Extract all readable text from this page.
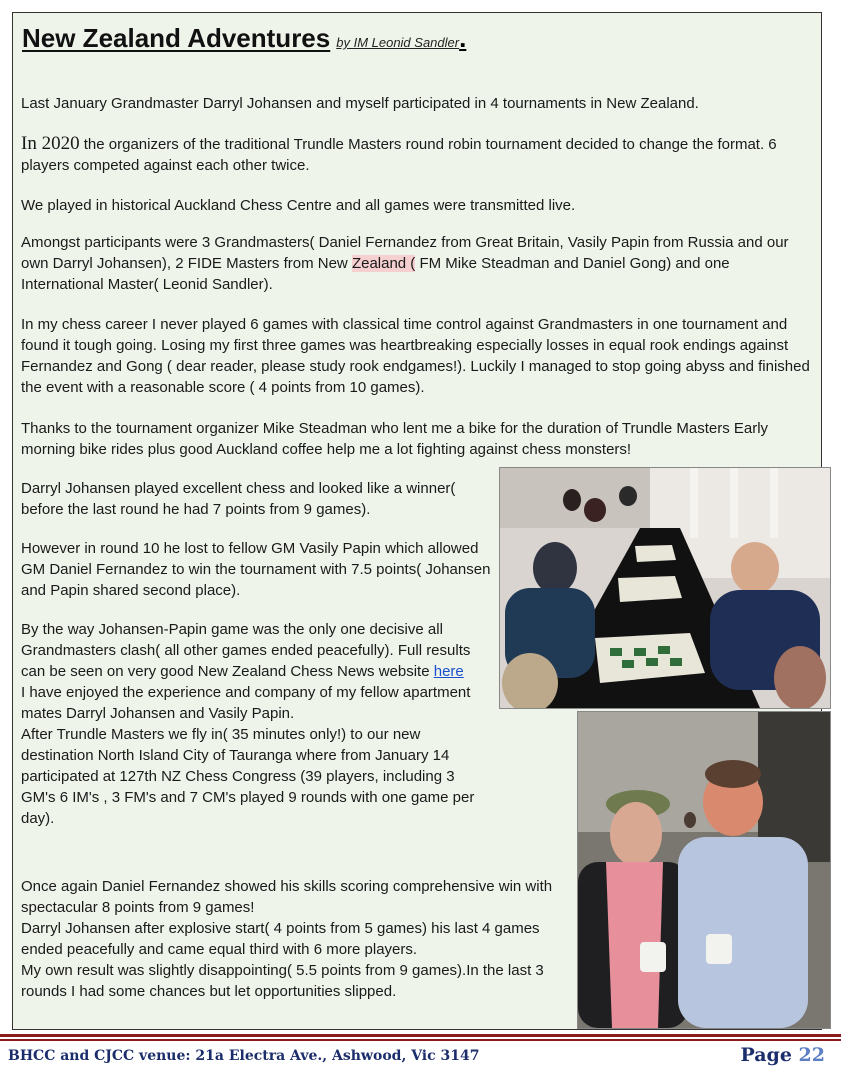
New Zealand Adventures by IM Leonid Sandler.

Last January Grandmaster Darryl Johansen and myself participated in 4 tournaments in New Zealand.

In 2020 the organizers of the traditional Trundle Masters round robin tournament decided to change the format. 6 players competed against each other twice.

We played in historical Auckland Chess Centre and all games were transmitted live.

Amongst participants were 3 Grandmasters( Daniel Fernandez from Great Britain, Vasily Papin from Russia and our own Darryl Johansen), 2 FIDE Masters from New Zealand ( FM Mike Steadman and Daniel Gong) and one International Master( Leonid Sandler).

In my chess career I never played 6 games with classical time control against Grandmasters in one tournament and found it tough going. Losing my first three games was heartbreaking especially losses in equal rook endings against Fernandez and Gong ( dear reader, please study rook endgames!). Luckily I managed to stop going abyss and finished the event with a reasonable score ( 4 points from 10 games).

Thanks to the tournament organizer Mike Steadman who lent me a bike for the duration of Trundle Masters Early morning bike rides plus good Auckland coffee help me a lot fighting against chess monsters!

Darryl Johansen played excellent chess and looked like a winner( before the last round he had 7 points from 9 games).

However in round 10 he lost to fellow GM Vasily Papin which allowed GM Daniel Fernandez to win the tournament with 7.5 points( Johansen and Papin shared second place).

By the way Johansen-Papin game was the only one decisive all Grandmasters clash( all other games ended peacefully). Full results can be seen on very good New Zealand Chess News website here
I have enjoyed the experience and company of my fellow apartment mates Darryl Johansen and Vasily Papin.
After Trundle Masters we fly in( 35 minutes only!) to our new destination North Island City of Tauranga where from January 14 participated at 127th NZ Chess Congress (39 players, including 3 GM's 6 IM's , 3 FM's and 7 CM's played 9 rounds with one game per day).
Once again Daniel Fernandez showed his skills scoring comprehensive win with spectacular 8 points from 9 games!
Darryl Johansen after explosive start( 4 points from 5 games) his last 4 games ended peacefully and came equal third with 6 more players.
My own result was slightly disappointing( 5.5 points from 9 games).In the last 3 rounds I had some chances but let opportunities slipped.
BHCC and CJCC venue: 21a Electra Ave., Ashwood, Vic 3147	Page 22
